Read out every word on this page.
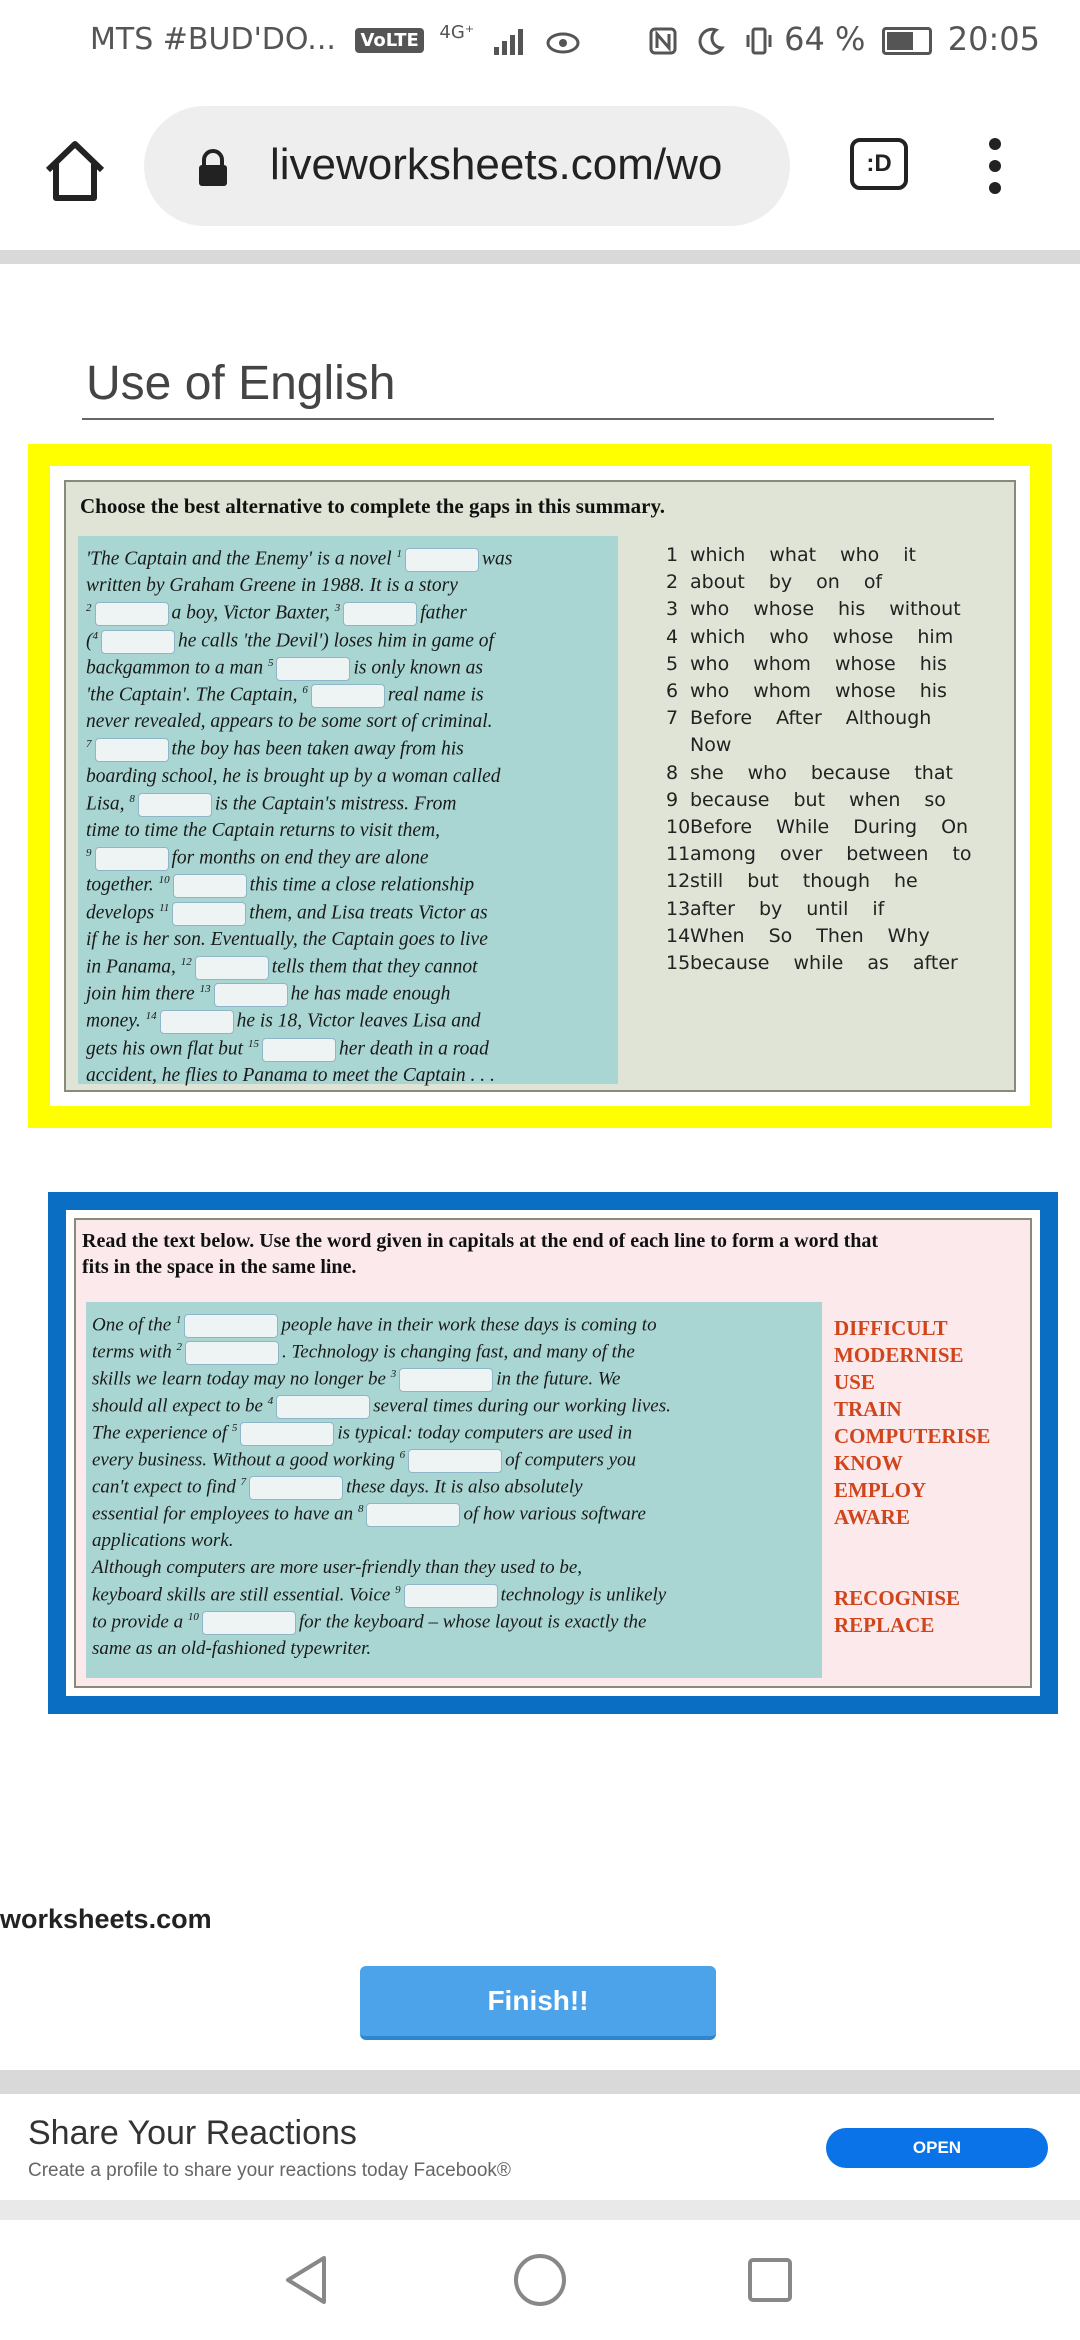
MTS #BUD'DO... VoLTE $^{4G^+}$	64 %	20:05
liveworksheets.com/wo	:D
Use of English
Choose the best alternative to complete the gaps in this summary.
'The Captain and the Enemy' is a novel $^1$	was
written by Graham Greene in 1988. It is a story
$^2$	a boy, Victor Baxter, $^3$	father
($^4$	he calls 'the Devil') loses him in game of
backgammon to a man $^5$	is only known as
'the Captain'. The Captain, $^6$	real name is
never revealed, appears to be some sort of criminal.
$^7$	the boy has been taken away from his
boarding school, he is brought up by a woman called
Lisa, $^8$	is the Captain's mistress. From
time to time the Captain returns to visit them,
$^9$	for months on end they are alone
together. $^{10}$	this time a close relationship
develops $^{11}$	them, and Lisa treats Victor as
if he is her son. Eventually, the Captain goes to live
in Panama, $^{12}$	tells them that they cannot
join him there $^{13}$	he has made enough
money. $^{14}$	he is 18, Victor leaves Lisa and
gets his own flat but $^{15}$	her death in a road
accident, he flies to Panama to meet the Captain . . .
1 which what who it
2 about by on of
3 who whose his without
4 which who whose him
5 who whom whose his
6 who whom whose his
7 Before After Although
Now
8 she who because that
9 because but when so
10Before While During On
11among over between to
12still but though he
13after by until if
14When So Then Why
15because while as after
Read the text below. Use the word given in capitals at the end of each line to form a word that
fits in the space in the same line.
One of the $^1$	people have in their work these days is coming to
terms with $^2$	. Technology is changing fast, and many of the
skills we learn today may no longer be $^3$	in the future. We
should all expect to be $^4$	several times during our working lives.
The experience of $^5$	is typical: today computers are used in
every business. Without a good working $^6$	of computers you
can't expect to find $^7$	these days. It is also absolutely
essential for employees to have an $^8$	of how various software
applications work.
Although computers are more user-friendly than they used to be,
keyboard skills are still essential. Voice $^9$	technology is unlikely
to provide a $^{10}$	for the keyboard – whose layout is exactly the
same as an old-fashioned typewriter.
DIFFICULT
MODERNISE
USE
TRAIN
COMPUTERISE
KNOW
EMPLOY
AWARE
RECOGNISE
REPLACE
worksheets.com
Finish!!
Share Your Reactions
Create a profile to share your reactions today Facebook®
OPEN
